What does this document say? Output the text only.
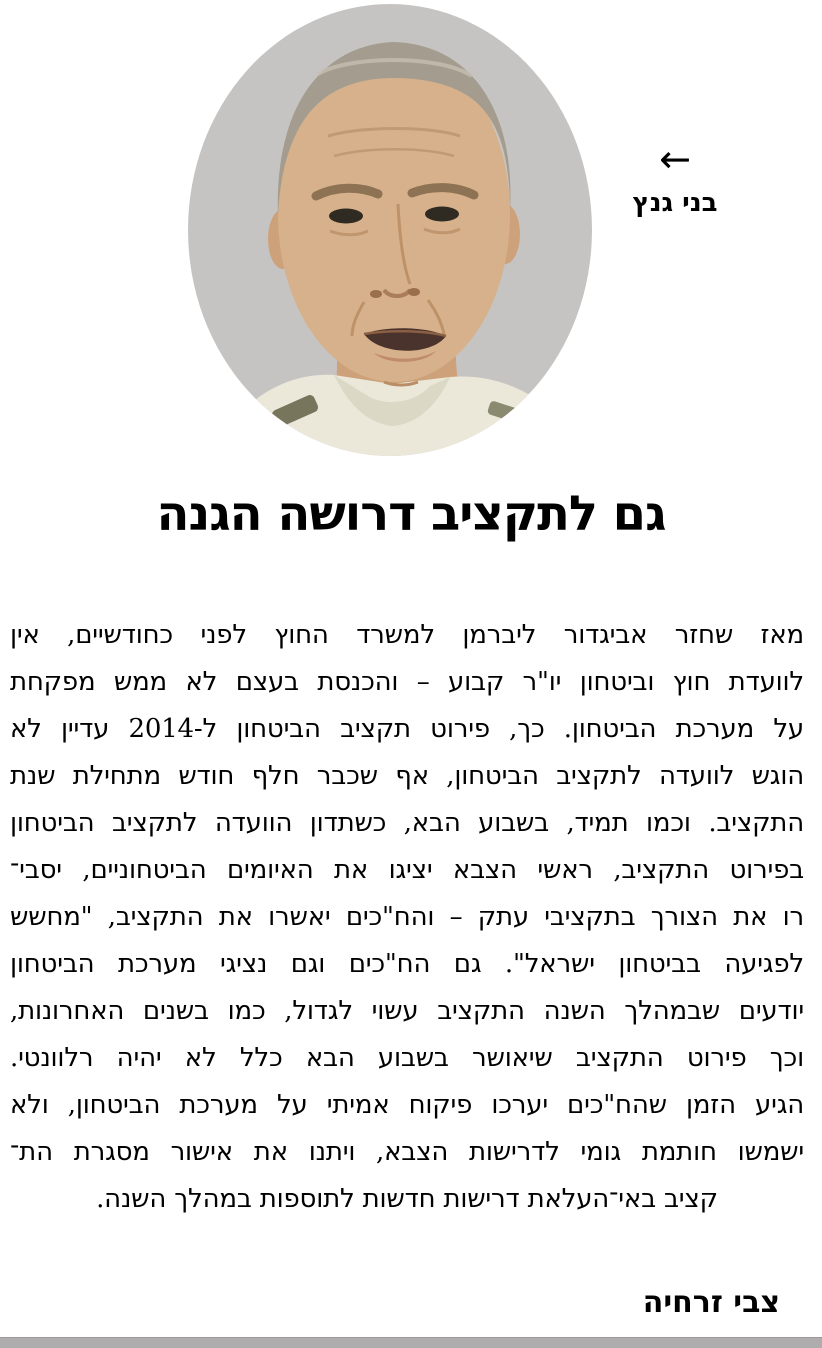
←
בני גנץ
גם לתקציב דרושה הגנה
מאז שחזר אביגדור ליברמן למשרד החוץ לפני כחודשיים, אין
לוועדת חוץ וביטחון יו"ר קבוע – והכנסת בעצם לא ממש מפקחת
על מערכת הביטחון. כך, פירוט תקציב הביטחון ל-2014 עדיין לא
הוגש לוועדה לתקציב הביטחון, אף שכבר חלף חודש מתחילת שנת
התקציב. וכמו תמיד, בשבוע הבא, כשתדון הוועדה לתקציב הביטחון
בפירוט התקציב, ראשי הצבא יציגו את האיומים הביטחוניים, יסבי־
רו את הצורך בתקציבי עתק – והח"כים יאשרו את התקציב, "מחשש
לפגיעה בביטחון ישראל". גם הח"כים וגם נציגי מערכת הביטחון
יודעים שבמהלך השנה התקציב עשוי לגדול, כמו בשנים האחרונות,
וכך פירוט התקציב שיאושר בשבוע הבא כלל לא יהיה רלוונטי.
הגיע הזמן שהח"כים יערכו פיקוח אמיתי על מערכת הביטחון, ולא
ישמשו חותמת גומי לדרישות הצבא, ויתנו את אישור מסגרת הת־
קציב באי־העלאת דרישות חדשות לתוספות במהלך השנה.
צבי זרחיה
